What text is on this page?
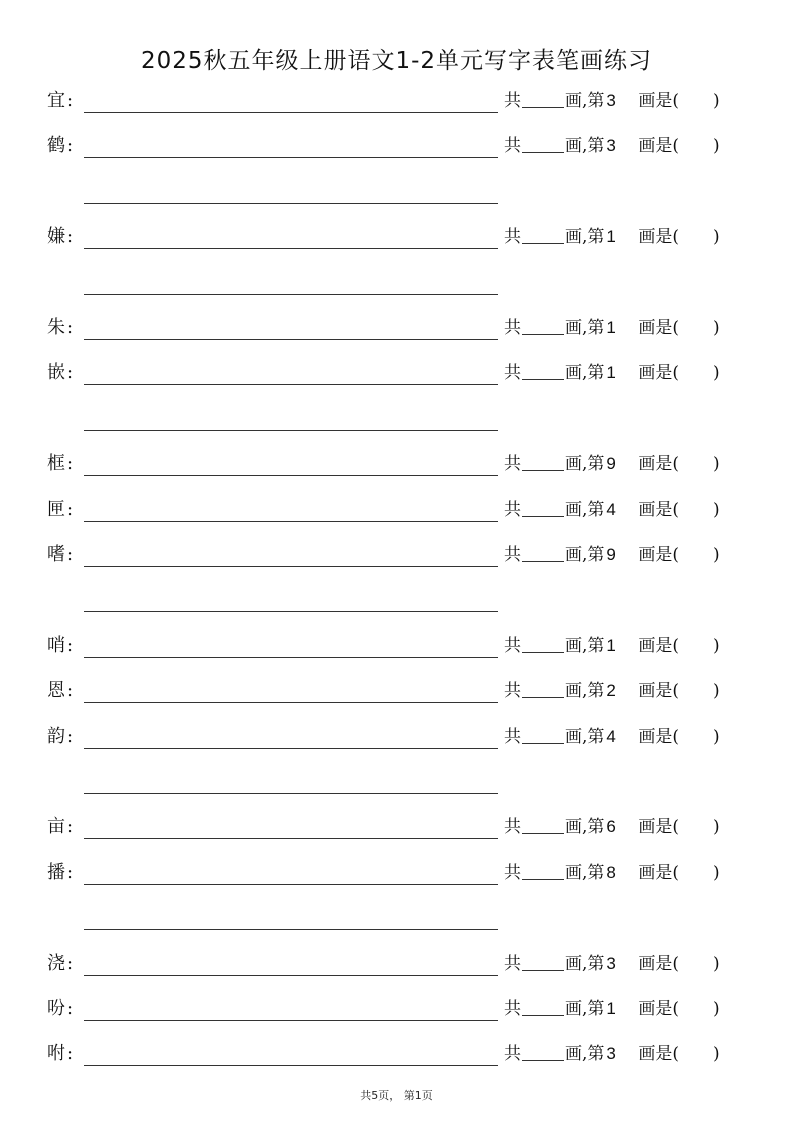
2025秋五年级上册语文1-2单元写字表笔画练习
宜 :	共	画,第 3 画是( )
鹤 :	共	画,第 3 画是( )
嫌 :	共	画,第 1 画是( )
朱 :	共	画,第 1 画是( )
嵌 :	共	画,第 1 画是( )
框 :	共	画,第 9 画是( )
匣 :	共	画,第 4 画是( )
嗜 :	共	画,第 9 画是( )
哨 :	共	画,第 1 画是( )
恩 :	共	画,第 2 画是( )
韵 :	共	画,第 4 画是( )
亩 :	共	画,第 6 画是( )
播 :	共	画,第 8 画是( )
浇 :	共	画,第 3 画是( )
吩 :	共	画,第 1 画是( )
咐 :	共	画,第 3 画是( )
共5页， 第1页
